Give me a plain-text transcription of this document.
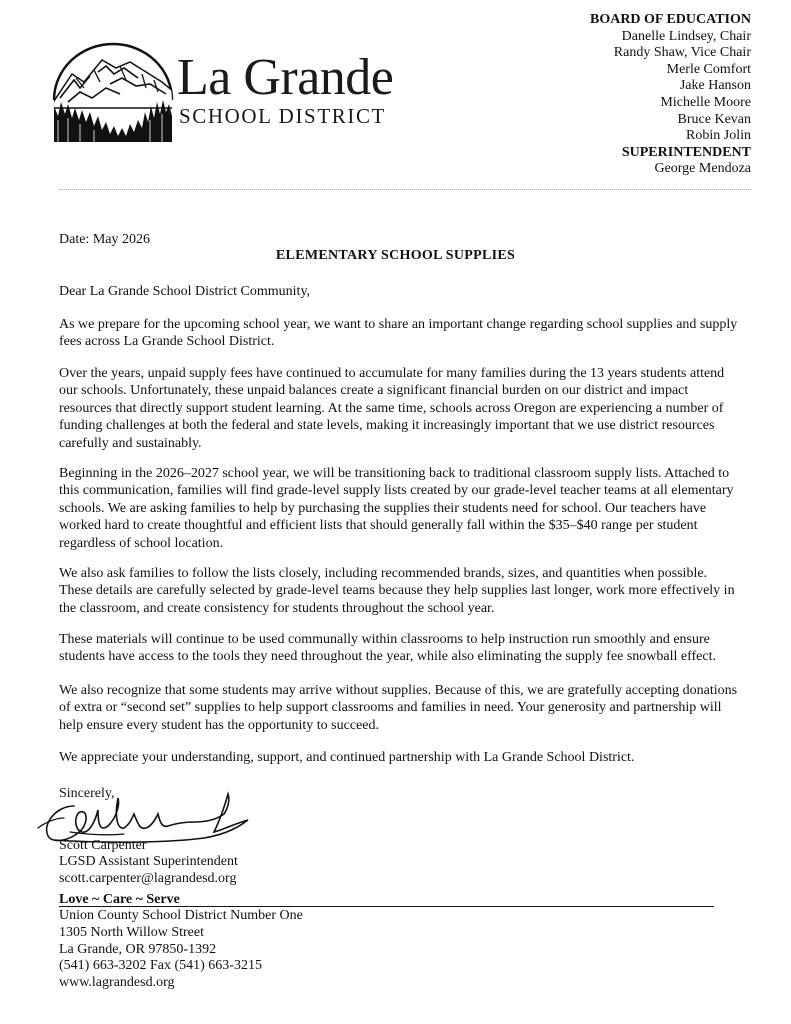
La Grande
SCHOOL DISTRICT
BOARD OF EDUCATION
Danelle Lindsey, Chair
Randy Shaw, Vice Chair
Merle Comfort
Jake Hanson
Michelle Moore
Bruce Kevan
Robin Jolin
SUPERINTENDENT
George Mendoza
Date: May 2026
ELEMENTARY SCHOOL SUPPLIES
Dear La Grande School District Community,
As we prepare for the upcoming school year, we want to share an important change regarding school supplies and supply
fees across La Grande School District.
Over the years, unpaid supply fees have continued to accumulate for many families during the 13 years students attend
our schools. Unfortunately, these unpaid balances create a significant financial burden on our district and impact
resources that directly support student learning. At the same time, schools across Oregon are experiencing a number of
funding challenges at both the federal and state levels, making it increasingly important that we use district resources
carefully and sustainably.
Beginning in the 2026–2027 school year, we will be transitioning back to traditional classroom supply lists. Attached to
this communication, families will find grade-level supply lists created by our grade-level teacher teams at all elementary
schools. We are asking families to help by purchasing the supplies their students need for school. Our teachers have
worked hard to create thoughtful and efficient lists that should generally fall within the $35–$40 range per student
regardless of school location.
We also ask families to follow the lists closely, including recommended brands, sizes, and quantities when possible.
These details are carefully selected by grade-level teams because they help supplies last longer, work more effectively in
the classroom, and create consistency for students throughout the school year.
These materials will continue to be used communally within classrooms to help instruction run smoothly and ensure
students have access to the tools they need throughout the year, while also eliminating the supply fee snowball effect.
We also recognize that some students may arrive without supplies. Because of this, we are gratefully accepting donations
of extra or “second set” supplies to help support classrooms and families in need. Your generosity and partnership will
help ensure every student has the opportunity to succeed.
We appreciate your understanding, support, and continued partnership with La Grande School District.
Sincerely,
Scott Carpenter
LGSD Assistant Superintendent
scott.carpenter@lagrandesd.org
Love ~ Care ~ Serve
Union County School District Number One
1305 North Willow Street
La Grande, OR 97850-1392
(541) 663-3202 Fax (541) 663-3215
www.lagrandesd.org
